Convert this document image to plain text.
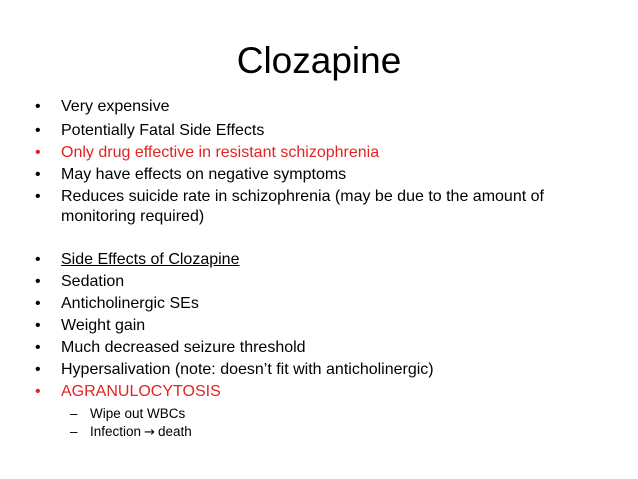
Clozapine
•	Very expensive
•	Potentially Fatal Side Effects
•	Only drug effective in resistant schizophrenia
•	May have effects on negative symptoms
•	Reduces suicide rate in schizophrenia (may be due to the amount of monitoring required)
•	Side Effects of Clozapine
•	Sedation
•	Anticholinergic SEs
•	Weight gain
•	Much decreased seizure threshold
•	Hypersalivation (note: doesn’t fit with anticholinergic)
•	AGRANULOCYTOSIS
– Wipe out WBCs
– Infection → death
